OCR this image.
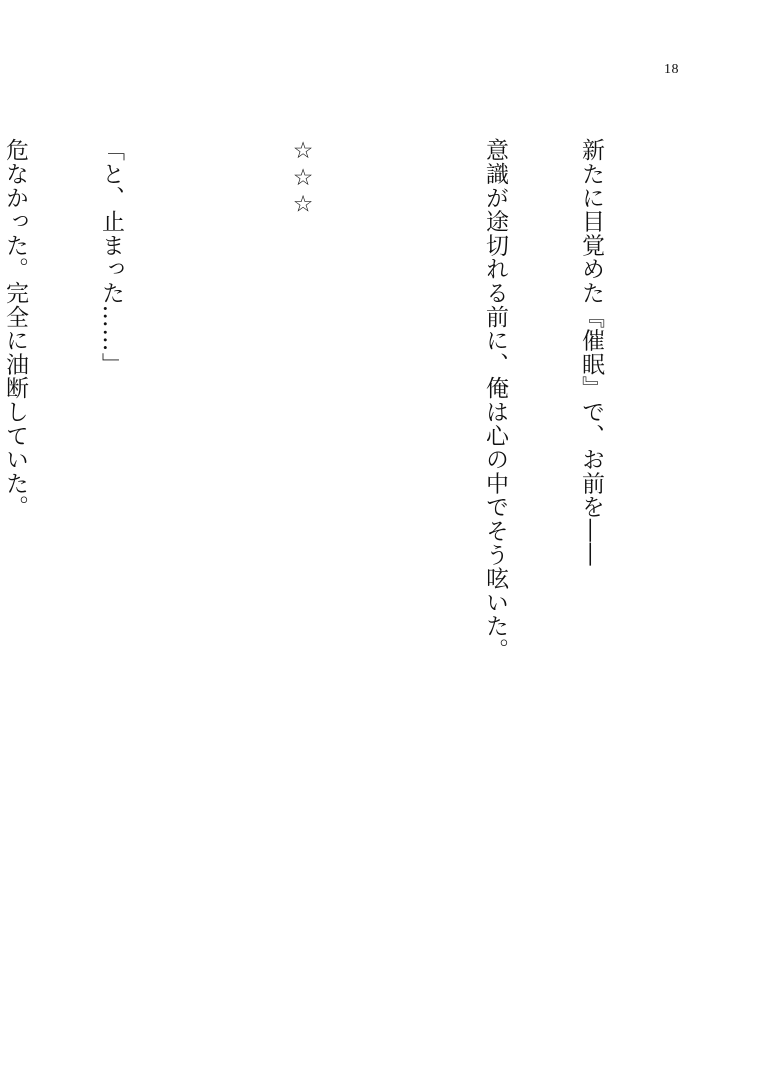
18

新たに目覚めた『催眠』で、お前を――

意識が途切れる前に、俺は心の中でそう呟いた。

☆☆☆

「と、止まった……」

危なかった。完全に油断していた。
